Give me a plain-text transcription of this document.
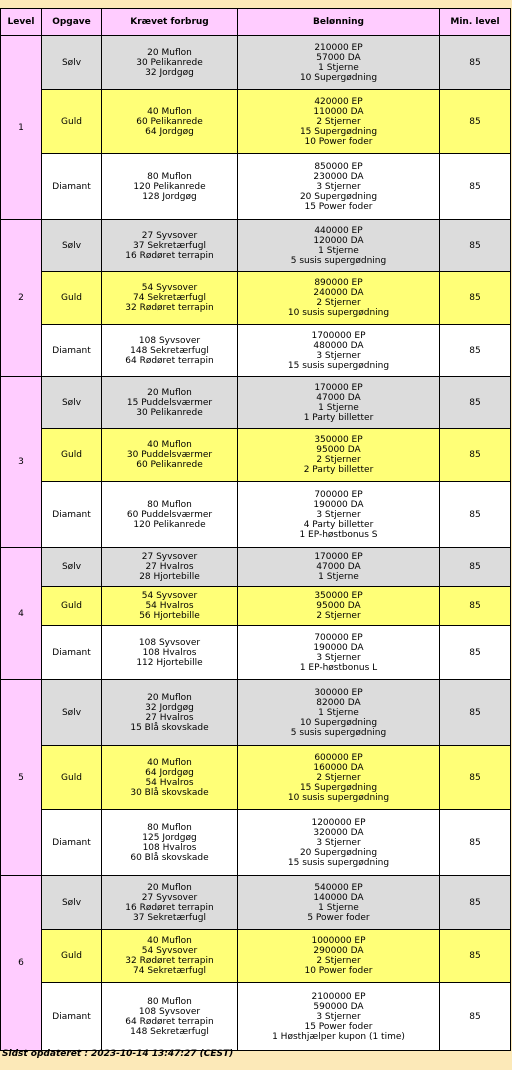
Level	Opgave	Krævet forbrug	Belønning	Min. level
1	Sølv	20 Muflon
30 Pelikanrede
32 Jordgøg	210000 EP
57000 DA
1 Stjerne
10 Supergødning	85
	Guld	40 Muflon
60 Pelikanrede
64 Jordgøg	420000 EP
110000 DA
2 Stjerner
15 Supergødning
10 Power foder	85
	Diamant	80 Muflon
120 Pelikanrede
128 Jordgøg	850000 EP
230000 DA
3 Stjerner
20 Supergødning
15 Power foder	85
2	Sølv	27 Syvsover
37 Sekretærfugl
16 Rødøret terrapin	440000 EP
120000 DA
1 Stjerne
5 susis supergødning	85
	Guld	54 Syvsover
74 Sekretærfugl
32 Rødøret terrapin	890000 EP
240000 DA
2 Stjerner
10 susis supergødning	85
	Diamant	108 Syvsover
148 Sekretærfugl
64 Rødøret terrapin	1700000 EP
480000 DA
3 Stjerner
15 susis supergødning	85
3	Sølv	20 Muflon
15 Puddelsværmer
30 Pelikanrede	170000 EP
47000 DA
1 Stjerne
1 Party billetter	85
	Guld	40 Muflon
30 Puddelsværmer
60 Pelikanrede	350000 EP
95000 DA
2 Stjerner
2 Party billetter	85
	Diamant	80 Muflon
60 Puddelsværmer
120 Pelikanrede	700000 EP
190000 DA
3 Stjerner
4 Party billetter
1 EP-høstbonus S	85
4	Sølv	27 Syvsover
27 Hvalros
28 Hjortebille	170000 EP
47000 DA
1 Stjerne	85
	Guld	54 Syvsover
54 Hvalros
56 Hjortebille	350000 EP
95000 DA
2 Stjerner	85
	Diamant	108 Syvsover
108 Hvalros
112 Hjortebille	700000 EP
190000 DA
3 Stjerner
1 EP-høstbonus L	85
5	Sølv	20 Muflon
32 Jordgøg
27 Hvalros
15 Blå skovskade	300000 EP
82000 DA
1 Stjerne
10 Supergødning
5 susis supergødning	85
	Guld	40 Muflon
64 Jordgøg
54 Hvalros
30 Blå skovskade	600000 EP
160000 DA
2 Stjerner
15 Supergødning
10 susis supergødning	85
	Diamant	80 Muflon
125 Jordgøg
108 Hvalros
60 Blå skovskade	1200000 EP
320000 DA
3 Stjerner
20 Supergødning
15 susis supergødning	85
6	Sølv	20 Muflon
27 Syvsover
16 Rødøret terrapin
37 Sekretærfugl	540000 EP
140000 DA
1 Stjerne
5 Power foder	85
	Guld	40 Muflon
54 Syvsover
32 Rødøret terrapin
74 Sekretærfugl	1000000 EP
290000 DA
2 Stjerner
10 Power foder	85
	Diamant	80 Muflon
108 Syvsover
64 Rødøret terrapin
148 Sekretærfugl	2100000 EP
590000 DA
3 Stjerner
15 Power foder
1 Høsthjælper kupon (1 time)	85
Sidst opdateret : 2023-10-14 13:47:27 (CEST)
